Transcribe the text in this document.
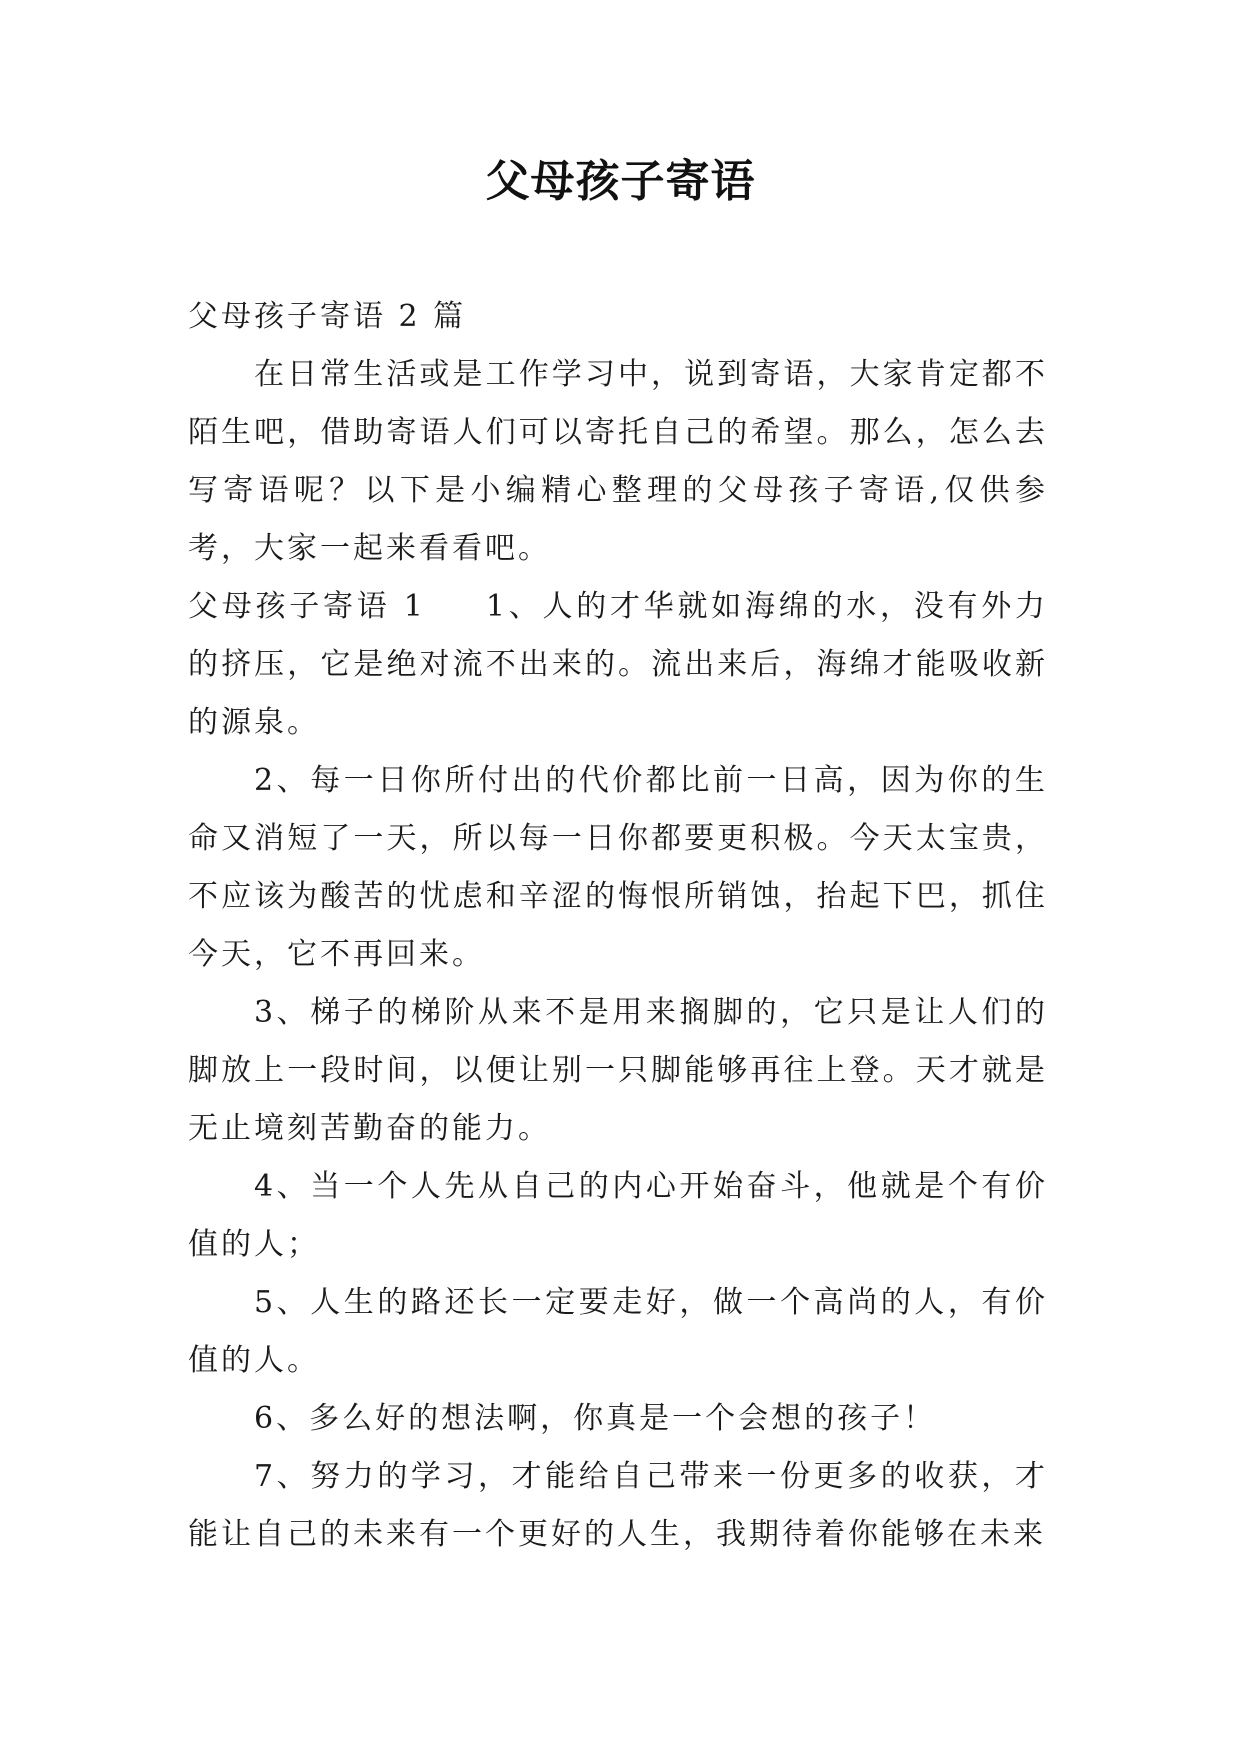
父母孩子寄语

父母孩子寄语 2 篇

在日常生活或是工作学习中，说到寄语，大家肯定都不陌生吧，借助寄语人们可以寄托自己的希望。那么，怎么去写寄语呢？以下是小编精心整理的父母孩子寄语,仅供参考，大家一起来看看吧。

父母孩子寄语 1 1、人的才华就如海绵的水，没有外力的挤压，它是绝对流不出来的。流出来后，海绵才能吸收新的源泉。

2、每一日你所付出的代价都比前一日高，因为你的生命又消短了一天，所以每一日你都要更积极。今天太宝贵，不应该为酸苦的忧虑和辛涩的悔恨所销蚀，抬起下巴，抓住今天，它不再回来。

3、梯子的梯阶从来不是用来搁脚的，它只是让人们的脚放上一段时间，以便让别一只脚能够再往上登。天才就是无止境刻苦勤奋的能力。

4、当一个人先从自己的内心开始奋斗，他就是个有价值的人；

5、人生的路还长一定要走好，做一个高尚的人，有价值的人。

6、多么好的想法啊，你真是一个会想的孩子！

7、努力的学习，才能给自己带来一份更多的收获，才能让自己的未来有一个更好的人生，我期待着你能够在未来
